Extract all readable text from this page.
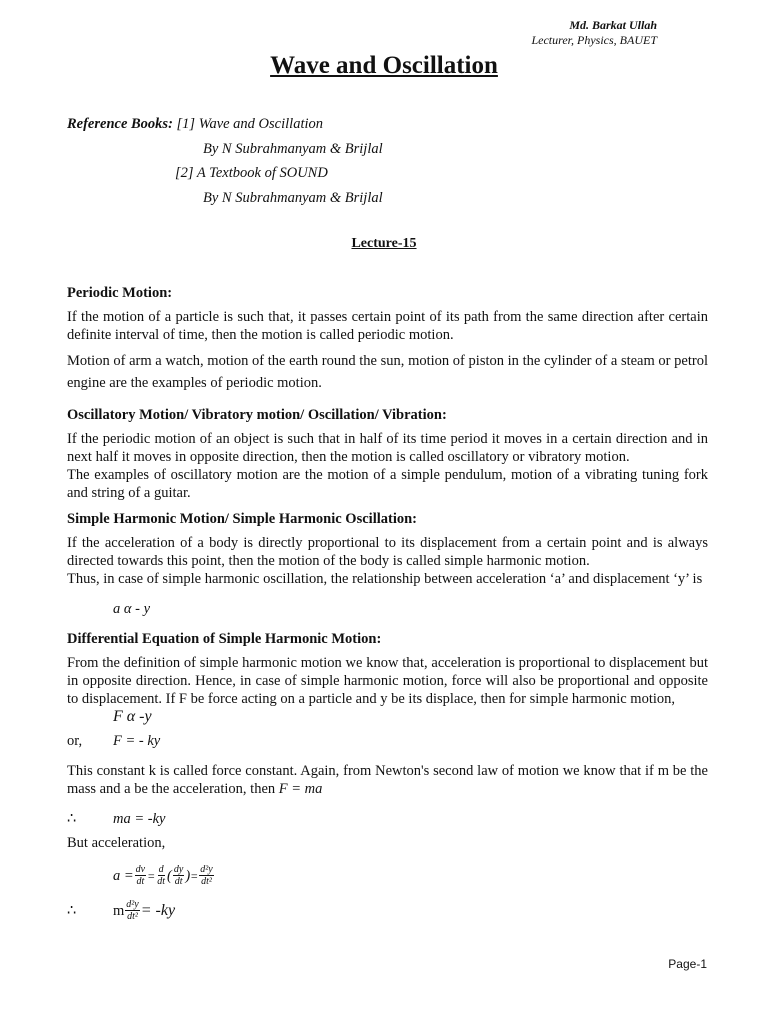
Md. Barkat Ullah
Lecturer, Physics, BAUET
Wave and Oscillation
Reference Books: [1] Wave and Oscillation
By N Subrahmanyam & Brijlal
[2] A Textbook of SOUND
By N Subrahmanyam & Brijlal
Lecture-15
Periodic Motion:

If the motion of a particle is such that, it passes certain point of its path from the same direction after certain definite interval of time, then the motion is called periodic motion.

Motion of arm a watch, motion of the earth round the sun, motion of piston in the cylinder of a steam or petrol engine are the examples of periodic motion.

Oscillatory Motion/ Vibratory motion/ Oscillation/ Vibration:

If the periodic motion of an object is such that in half of its time period it moves in a certain direction and in next half it moves in opposite direction, then the motion is called oscillatory or vibratory motion.

The examples of oscillatory motion are the motion of a simple pendulum, motion of a vibrating tuning fork and string of a guitar.

Simple Harmonic Motion/ Simple Harmonic Oscillation:

If the acceleration of a body is directly proportional to its displacement from a certain point and is always directed towards this point, then the motion of the body is called simple harmonic motion.

Thus, in case of simple harmonic oscillation, the relationship between acceleration ‘a’ and displacement ‘y’ is

a α - y

Differential Equation of Simple Harmonic Motion:

From the definition of simple harmonic motion we know that, acceleration is proportional to displacement but in opposite direction. Hence, in case of simple harmonic motion, force will also be proportional and opposite to displacement. If F be force acting on a particle and y be its displace, then for simple harmonic motion,

F α -y
or,	F = - ky

This constant k is called force constant. Again, from Newton's second law of motion we know that if m be the mass and a be the acceleration, then F = ma

∴	ma = -ky

But acceleration,

$a = \frac{dv}{dt} = \frac{d}{dt}$ ( $\frac{dy}{dt}$ ) = $\frac{\text{d²y}}{\text{dt²}}$
∴	m $\frac{\text{d²y}}{\text{dt²}} = -ky$
Page-1
